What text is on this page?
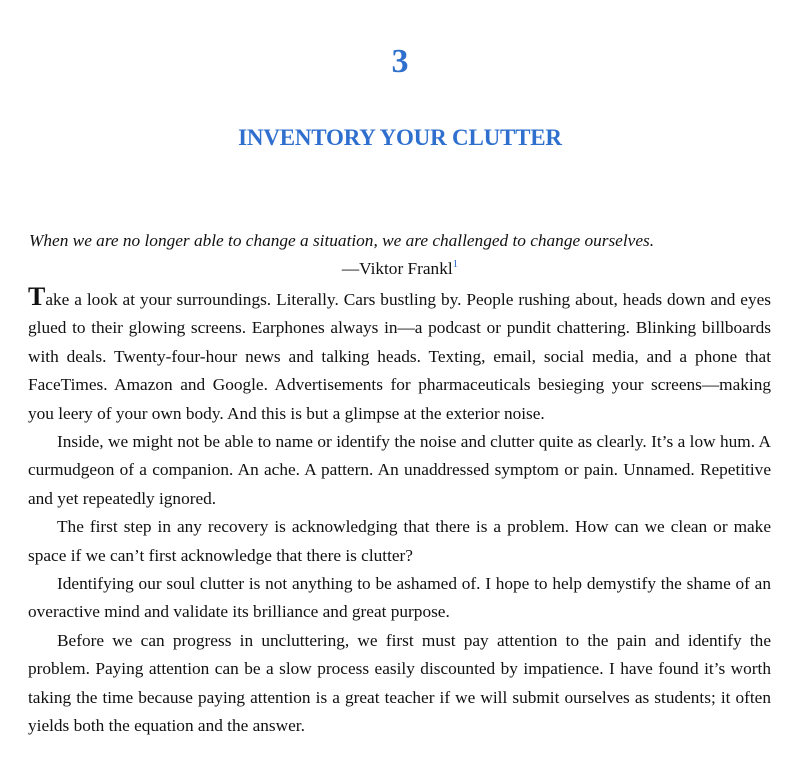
3
INVENTORY YOUR CLUTTER
When we are no longer able to change a situation, we are challenged to change ourselves.
—Viktor Frankl$^1$

Take a look at your surroundings. Literally. Cars bustling by. People rushing about, heads down and eyes glued to their glowing screens. Earphones always in—a podcast or pundit chattering. Blinking billboards with deals. Twenty-four-hour news and talking heads. Texting, email, social media, and a phone that FaceTimes. Amazon and Google. Advertisements for pharmaceuticals besieging your screens—making you leery of your own body. And this is but a glimpse at the exterior noise.

Inside, we might not be able to name or identify the noise and clutter quite as clearly. It’s a low hum. A curmudgeon of a companion. An ache. A pattern. An unaddressed symptom or pain. Unnamed. Repetitive and yet repeatedly ignored.

The first step in any recovery is acknowledging that there is a problem. How can we clean or make space if we can’t first acknowledge that there is clutter?

Identifying our soul clutter is not anything to be ashamed of. I hope to help demystify the shame of an overactive mind and validate its brilliance and great purpose.

Before we can progress in uncluttering, we first must pay attention to the pain and identify the problem. Paying attention can be a slow process easily discounted by impatience. I have found it’s worth taking the time because paying attention is a great teacher if we will submit ourselves as students; it often yields both the equation and the answer.
